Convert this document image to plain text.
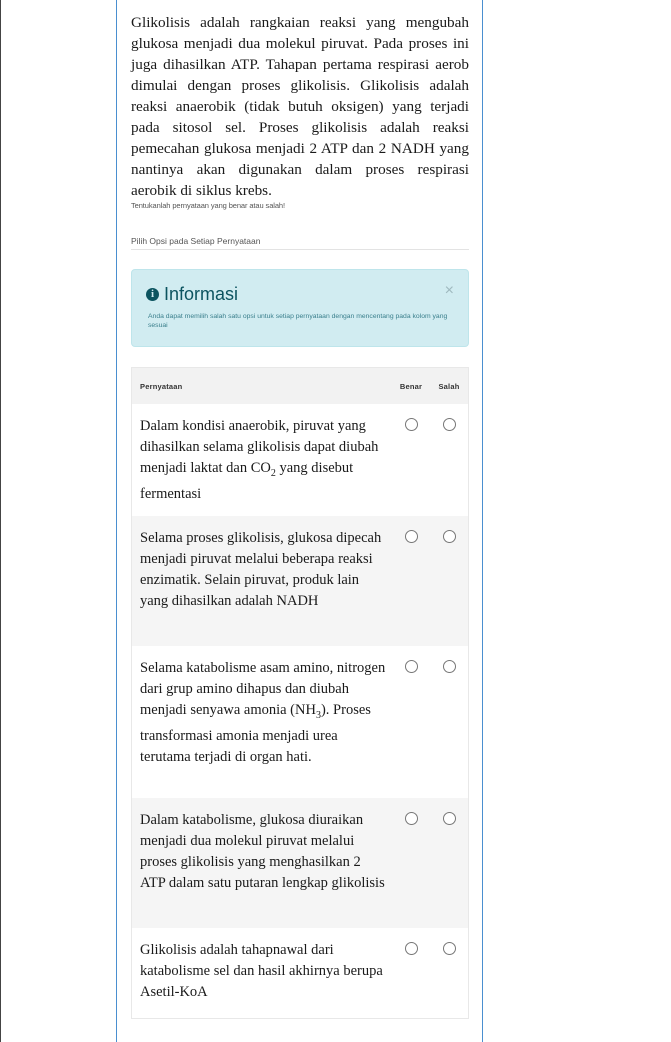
Glikolisis adalah rangkaian reaksi yang mengubah glukosa menjadi dua molekul piruvat. Pada proses ini juga dihasilkan ATP. Tahapan pertama respirasi aerob dimulai dengan proses glikolisis. Glikolisis adalah reaksi anaerobik (tidak butuh oksigen) yang terjadi pada sitosol sel. Proses glikolisis adalah reaksi pemecahan glukosa menjadi 2 ATP dan 2 NADH yang nantinya akan digunakan dalam proses respirasi aerobik di siklus krebs.
Tentukanlah pernyataan yang benar atau salah!
Pilih Opsi pada Setiap Pernyataan
i Informasi	×
Anda dapat memilih salah satu opsi untuk setiap pernyataan dengan mencentang pada kolom yang sesuai
Pernyataan	Benar	Salah
Dalam kondisi anaerobik, piruvat yang dihasilkan selama glikolisis dapat diubah menjadi laktat dan $CO_2$ yang disebut fermentasi		
Selama proses glikolisis, glukosa dipecah menjadi piruvat melalui beberapa reaksi enzimatik. Selain piruvat, produk lain yang dihasilkan adalah NADH		
Selama katabolisme asam amino, nitrogen dari grup amino dihapus dan diubah menjadi senyawa amonia $(NH_3)$. Proses transformasi amonia menjadi urea terutama terjadi di organ hati.		
Dalam katabolisme, glukosa diuraikan menjadi dua molekul piruvat melalui proses glikolisis yang menghasilkan 2 ATP dalam satu putaran lengkap glikolisis		
Glikolisis adalah tahapnawal dari katabolisme sel dan hasil akhirnya berupa Asetil-KoA		
